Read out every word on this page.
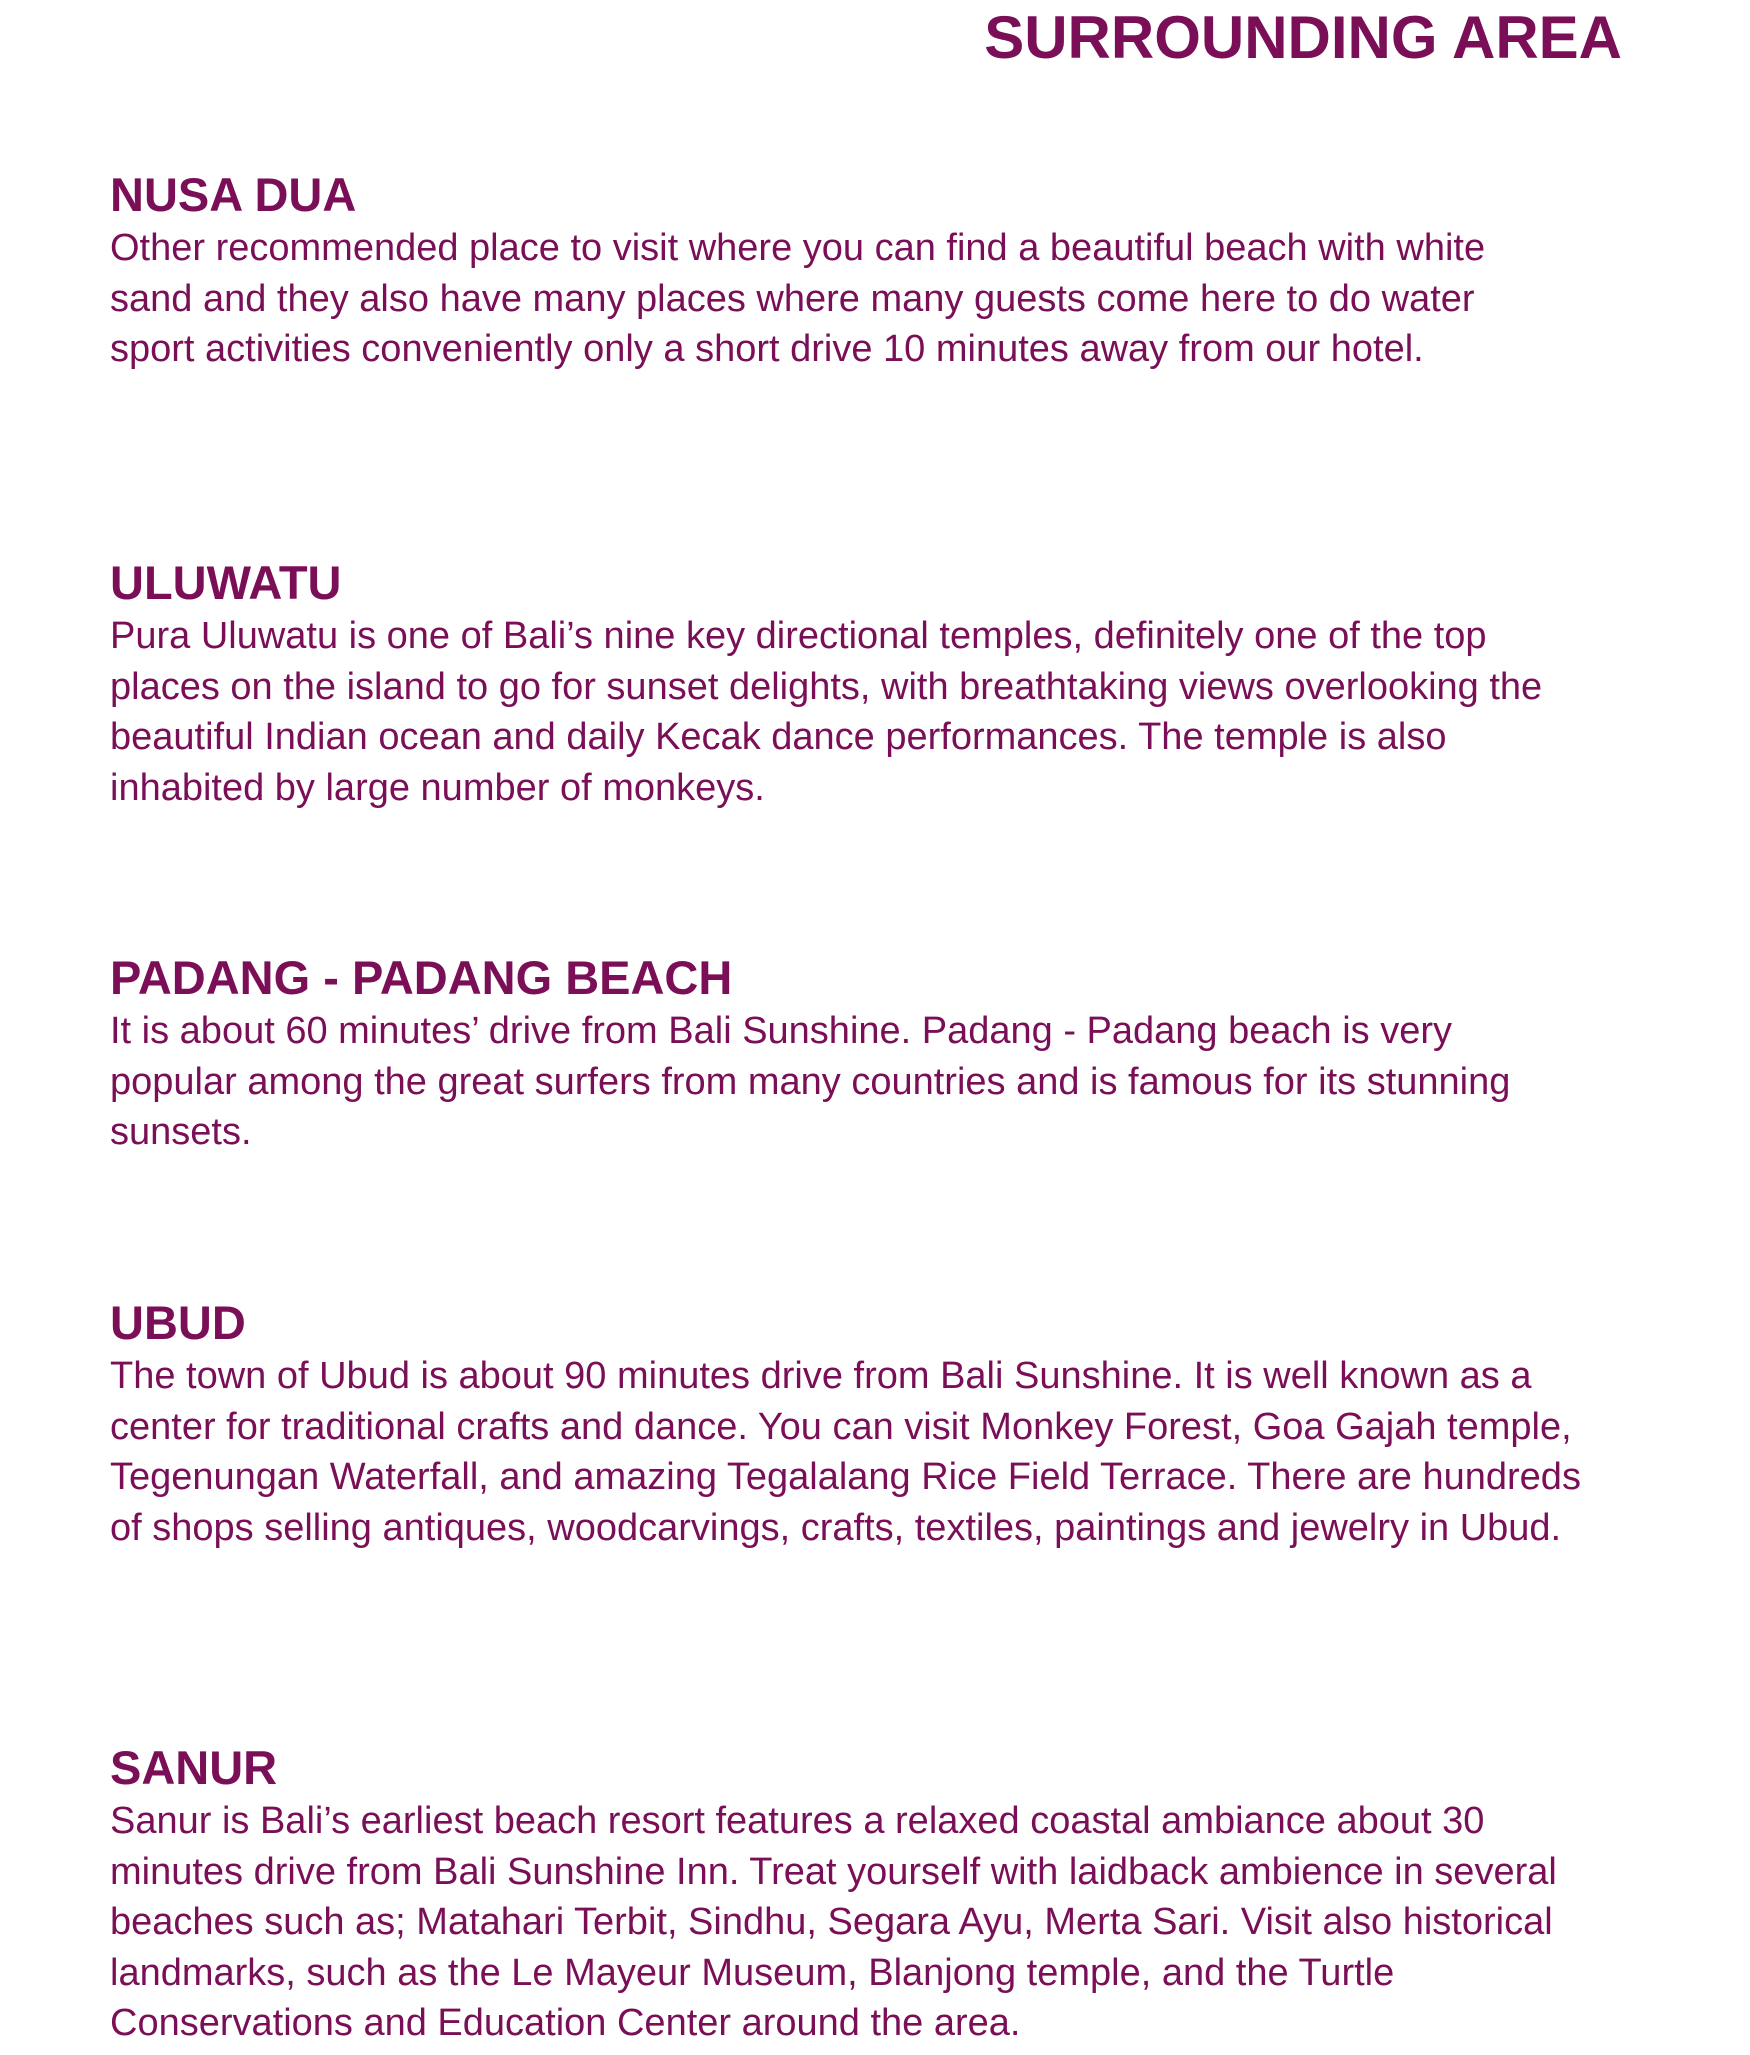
SURROUNDING AREA
NUSA DUA

Other recommended place to visit where you can find a beautiful beach with white sand and they also have many places where many guests come here to do water sport activities conveniently only a short drive 10 minutes away from our hotel.

ULUWATU

Pura Uluwatu is one of Bali’s nine key directional temples, definitely one of the top places on the island to go for sunset delights, with breathtaking views overlooking the beautiful Indian ocean and daily Kecak dance performances. The temple is also inhabited by large number of monkeys.

PADANG - PADANG BEACH

It is about 60 minutes’ drive from Bali Sunshine. Padang - Padang beach is very popular among the great surfers from many countries and is famous for its stunning sunsets.

UBUD

The town of Ubud is about 90 minutes drive from Bali Sunshine. It is well known as a center for traditional crafts and dance. You can visit Monkey Forest, Goa Gajah temple, Tegenungan Waterfall, and amazing Tegalalang Rice Field Terrace. There are hundreds of shops selling antiques, woodcarvings, crafts, textiles, paintings and jewelry in Ubud.

SANUR

Sanur is Bali’s earliest beach resort features a relaxed coastal ambiance about 30 minutes drive from Bali Sunshine Inn. Treat yourself with laidback ambience in several beaches such as; Matahari Terbit, Sindhu, Segara Ayu, Merta Sari. Visit also historical landmarks, such as the Le Mayeur Museum, Blanjong temple, and the Turtle Conservations and Education Center around the area.
